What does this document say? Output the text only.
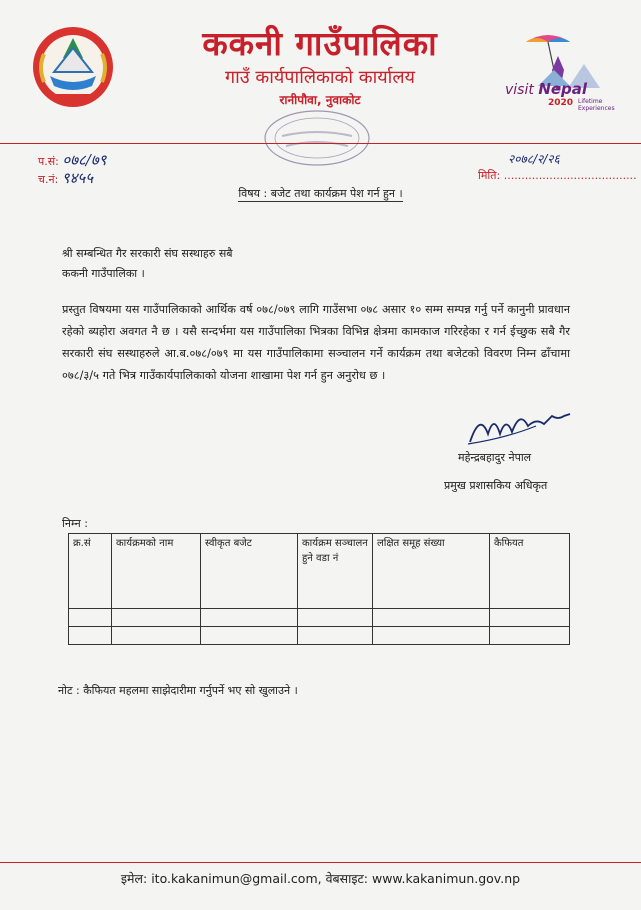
ककनी गाउँपालिका
गाउँ कार्यपालिकाको कार्यालय
रानीपौवा, नुवाकोट
visit Nepal
2020 Lifetime
Experiences
प.सं: ०७८/७९
च.नं: ९४५५
२०७८/२/२६
मिति: ......................................
विषय : बजेट तथा कार्यक्रम पेश गर्न हुन ।
श्री सम्बन्धित गैर सरकारी संघ सस्थाहरु सबै
ककनी गाउँपालिका ।
प्रस्तुत विषयमा यस गाउँपालिकाको आर्थिक वर्ष ०७८/०७९ लागि गाउँसभा ०७८ असार १० सम्म सम्पन्न गर्नु पर्ने कानुनी प्रावधान रहेको ब्यहोरा अवगत नै छ । यसै सन्दर्भमा यस गाउँपालिका भित्रका विभिन्न क्षेत्रमा कामकाज गरिरहेका र गर्न ईच्छुक सबै गैर सरकारी संघ सस्थाहरुले आ.ब.०७८/०७९ मा यस गाउँपालिकामा सञ्चालन गर्ने कार्यक्रम तथा बजेटको विवरण निम्न ढाँचामा ०७८/३/५ गते भित्र गाउँकार्यपालिकाको योजना शाखामा पेश गर्न हुन अनुरोध छ ।
महेन्द्रबहादुर नेपाल
प्रमुख प्रशासकिय अधिकृत
निम्न :
क्र.सं	कार्यक्रमको नाम	स्वीकृत बजेट	कार्यक्रम सञ्चालन हुने वडा नं	लक्षित समूह संख्या	कैफियत

नोट : कैफियत महलमा साझेदारीमा गर्नुपर्ने भए सो खुलाउने ।
इमेल: ito.kakanimun@gmail.com, वेबसाइट: www.kakanimun.gov.np
